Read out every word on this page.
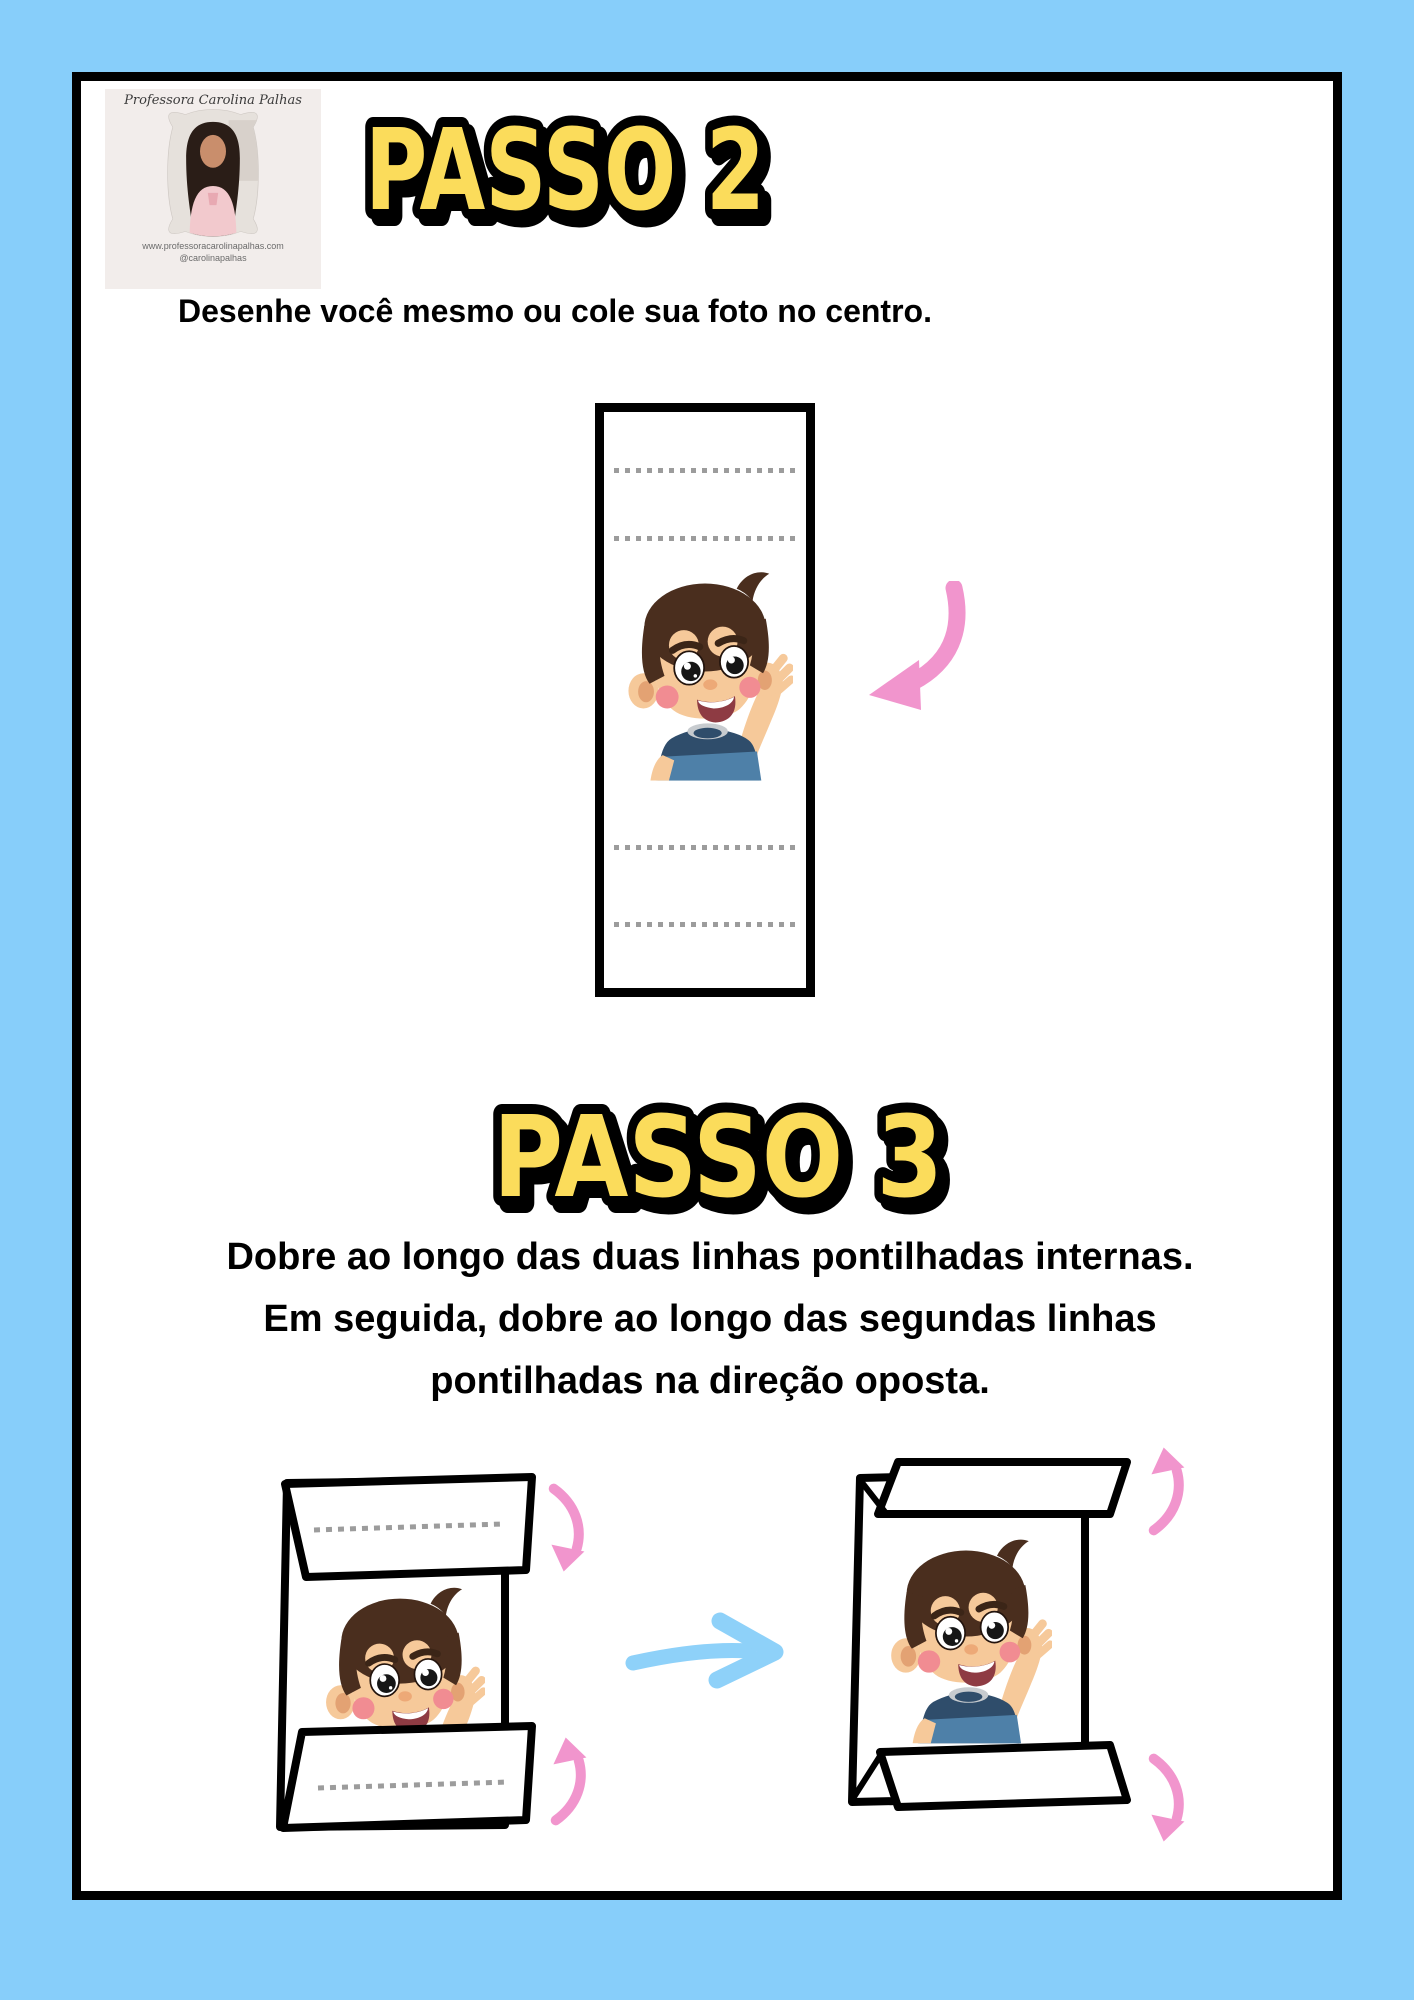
Professora Carolina Palhas
www.professoracarolinapalhas.com
@carolinapalhas
PASSO 2
Desenhe você mesmo ou cole sua foto no centro.
PASSO 3
Dobre ao longo das duas linhas pontilhadas internas.
Em seguida, dobre ao longo das segundas linhas
pontilhadas na direção oposta.
